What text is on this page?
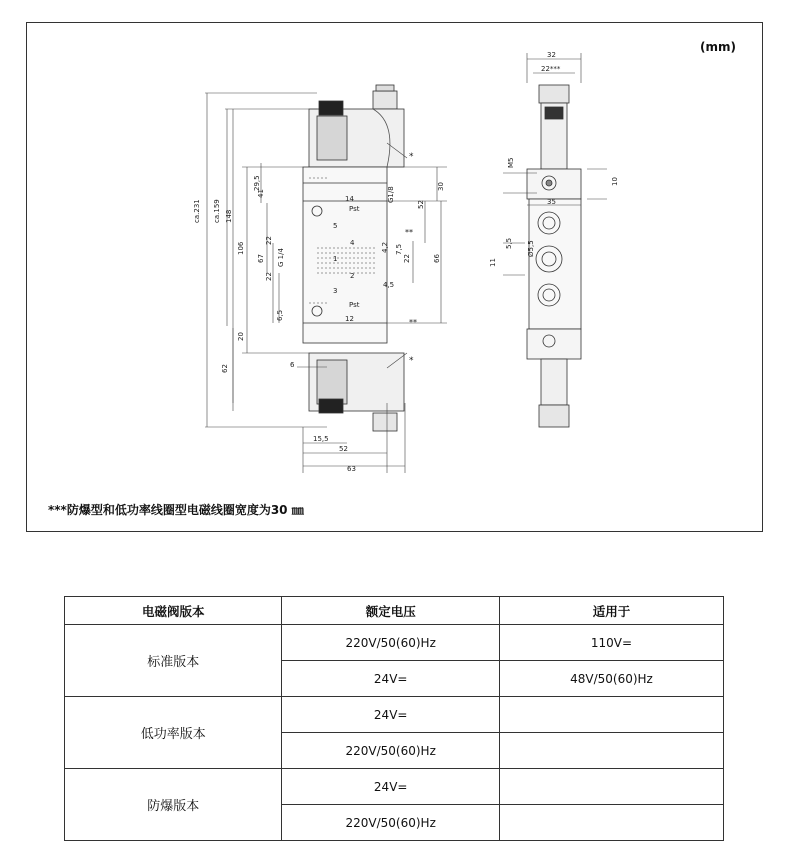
(mm)
ca.231 ca.159 148
106
62
29,5
41
22
67
22
20
G 1/4
6,5
6
15,5
52
63
30
52
66
22
7,5
4,2
4,5
G1/8
14
5
4
1
2
3
12
Pst
Pst
*
**
**
*
32
22***
M5
10
35
5,5
11
Ø5,5
***防爆型和低功率线圈型电磁线圈宽度为30 ㎜
电磁阀版本	额定电压	适用于
标准版本	220V/50(60)Hz	110V=
	24V=	48V/50(60)Hz
低功率版本	24V=	
	220V/50(60)Hz	
防爆版本	24V=	
	220V/50(60)Hz	
